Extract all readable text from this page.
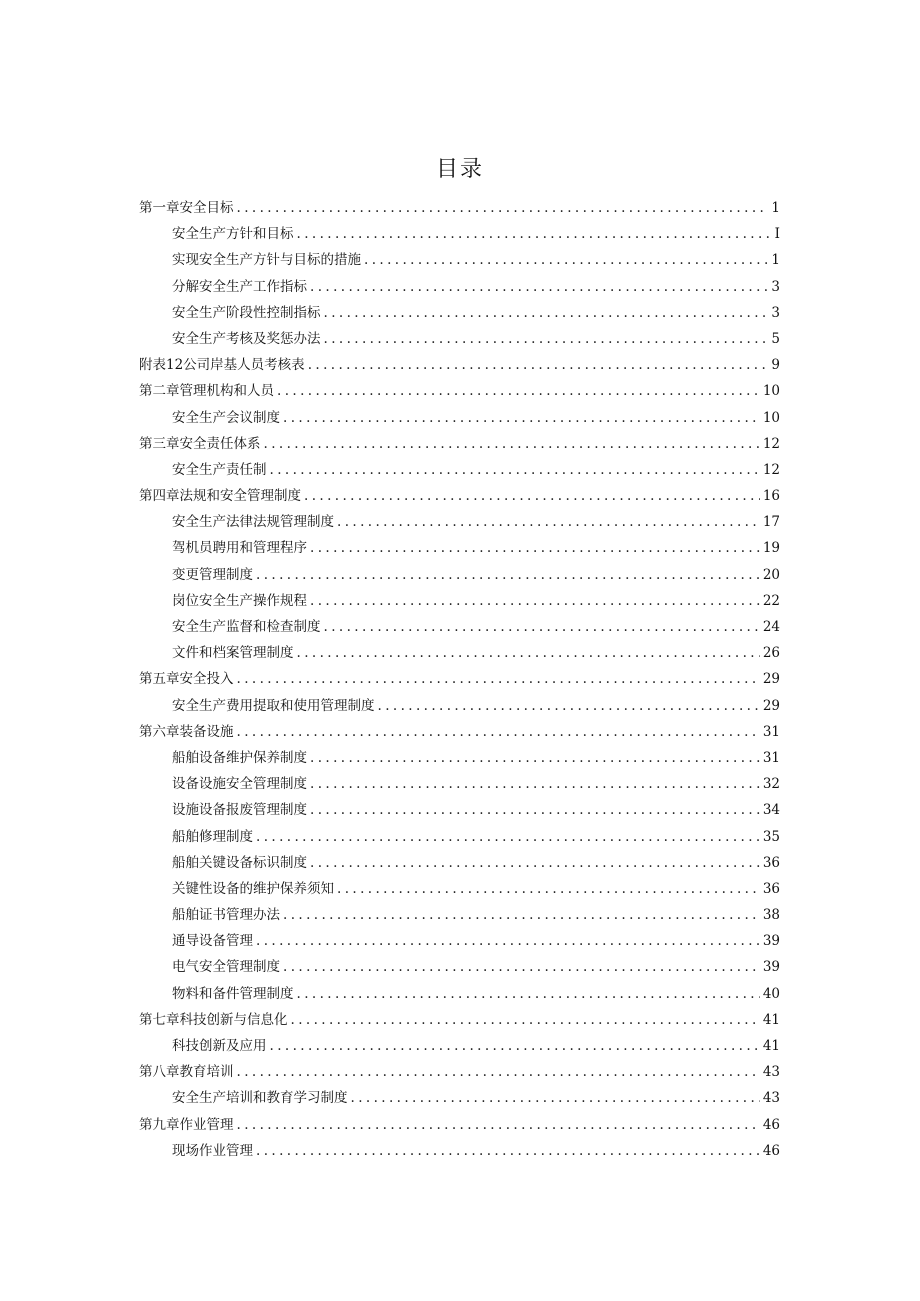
目录
第一章安全目标 .....	1
安全生产方针和目标 .....	I
实现安全生产方针与目标的措施 .....	1
分解安全生产工作指标 .....	3
安全生产阶段性控制指标 .....	3
安全生产考核及奖惩办法 .....	5
附表12公司岸基人员考核表 .....	9
第二章管理机构和人员 .....	10
安全生产会议制度 .....	10
第三章安全责任体系 .....	12
安全生产责任制 .....	12
第四章法规和安全管理制度 .....	16
安全生产法律法规管理制度 .....	17
驾机员聘用和管理程序 .....	19
变更管理制度 .....	20
岗位安全生产操作规程 .....	22
安全生产监督和检查制度 .....	24
文件和档案管理制度 .....	26
第五章安全投入 .....	29
安全生产费用提取和使用管理制度 .....	29
第六章装备设施 .....	31
船舶设备维护保养制度 .....	31
设备设施安全管理制度 .....	32
设施设备报废管理制度 .....	34
船舶修理制度 .....	35
船舶关键设备标识制度 .....	36
关键性设备的维护保养须知 .....	36
船舶证书管理办法 .....	38
通导设备管理 .....	39
电气安全管理制度 .....	39
物料和备件管理制度 .....	40
第七章科技创新与信息化 .....	41
科技创新及应用 .....	41
第八章教育培训 .....	43
安全生产培训和教育学习制度 .....	43
第九章作业管理 .....	46
现场作业管理 .....	46
